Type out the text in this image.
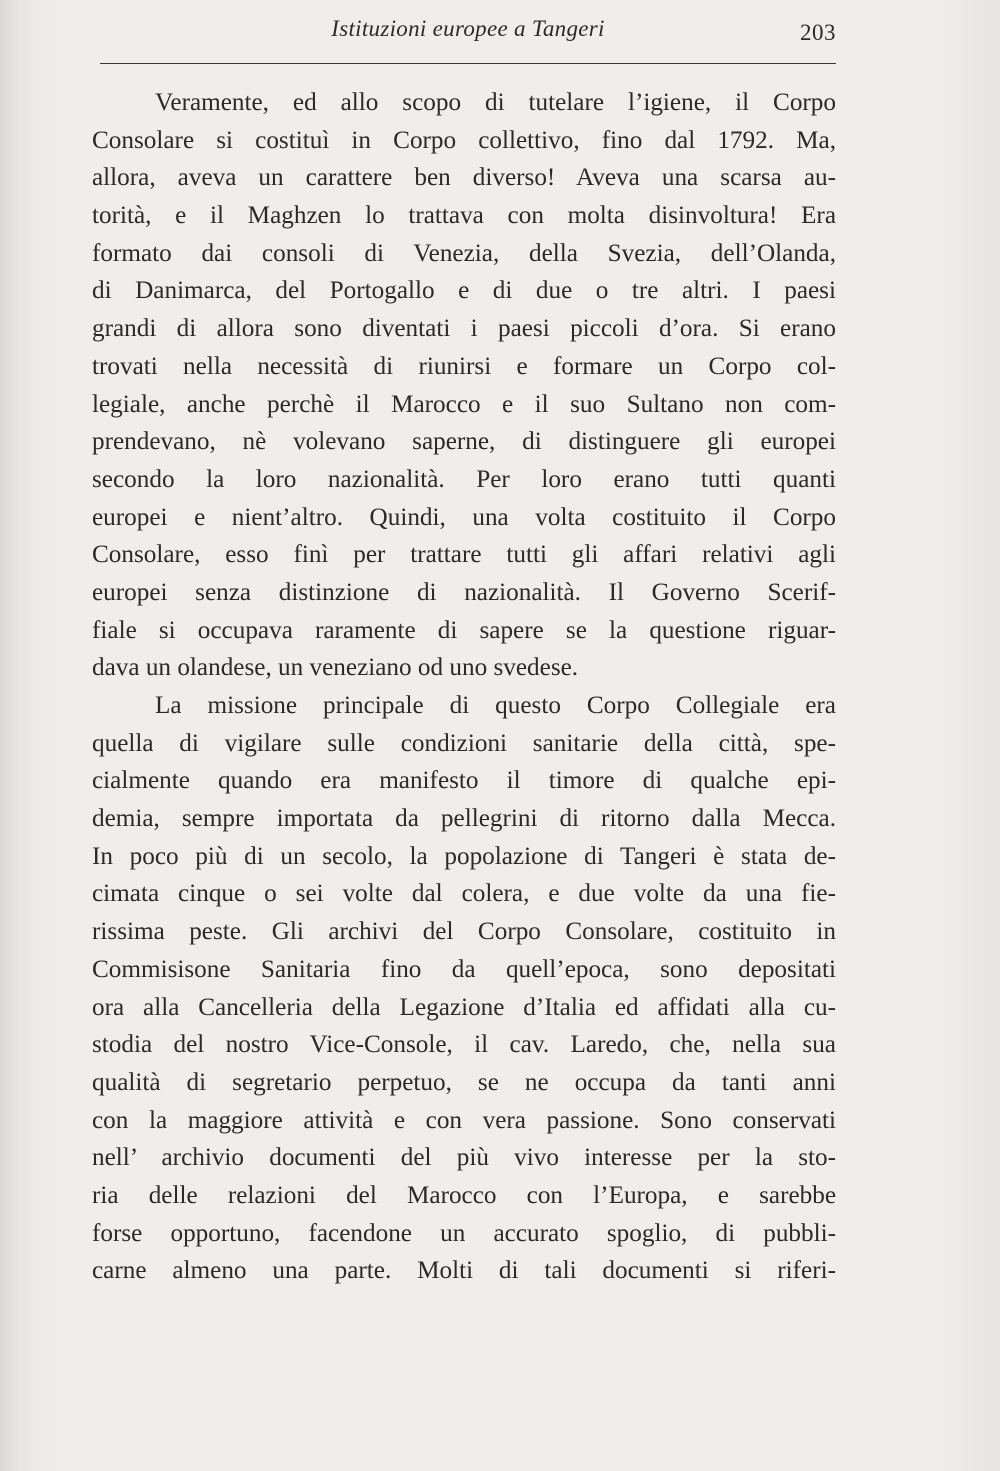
Istituzioni europee a Tangeri	203
Veramente, ed allo scopo di tutelare l’igiene, il Corpo
Consolare si costituì in Corpo collettivo, fino dal 1792. Ma,
allora, aveva un carattere ben diverso! Aveva una scarsa au-
torità, e il Maghzen lo trattava con molta disinvoltura! Era
formato dai consoli di Venezia, della Svezia, dell’Olanda,
di Danimarca, del Portogallo e di due o tre altri. I paesi
grandi di allora sono diventati i paesi piccoli d’ora. Si erano
trovati nella necessità di riunirsi e formare un Corpo col-
legiale, anche perchè il Marocco e il suo Sultano non com-
prendevano, nè volevano saperne, di distinguere gli europei
secondo la loro nazionalità. Per loro erano tutti quanti
europei e nient’altro. Quindi, una volta costituito il Corpo
Consolare, esso finì per trattare tutti gli affari relativi agli
europei senza distinzione di nazionalità. Il Governo Scerif-
fiale si occupava raramente di sapere se la questione riguar-
dava un olandese, un veneziano od uno svedese.
La missione principale di questo Corpo Collegiale era
quella di vigilare sulle condizioni sanitarie della città, spe-
cialmente quando era manifesto il timore di qualche epi-
demia, sempre importata da pellegrini di ritorno dalla Mecca.
In poco più di un secolo, la popolazione di Tangeri è stata de-
cimata cinque o sei volte dal colera, e due volte da una fie-
rissima peste. Gli archivi del Corpo Consolare, costituito in
Commisisone Sanitaria fino da quell’epoca, sono depositati
ora alla Cancelleria della Legazione d’Italia ed affidati alla cu-
stodia del nostro Vice-Console, il cav. Laredo, che, nella sua
qualità di segretario perpetuo, se ne occupa da tanti anni
con la maggiore attività e con vera passione. Sono conservati
nell’ archivio documenti del più vivo interesse per la sto-
ria delle relazioni del Marocco con l’Europa, e sarebbe
forse opportuno, facendone un accurato spoglio, di pubbli-
carne almeno una parte. Molti di tali documenti si riferi-
